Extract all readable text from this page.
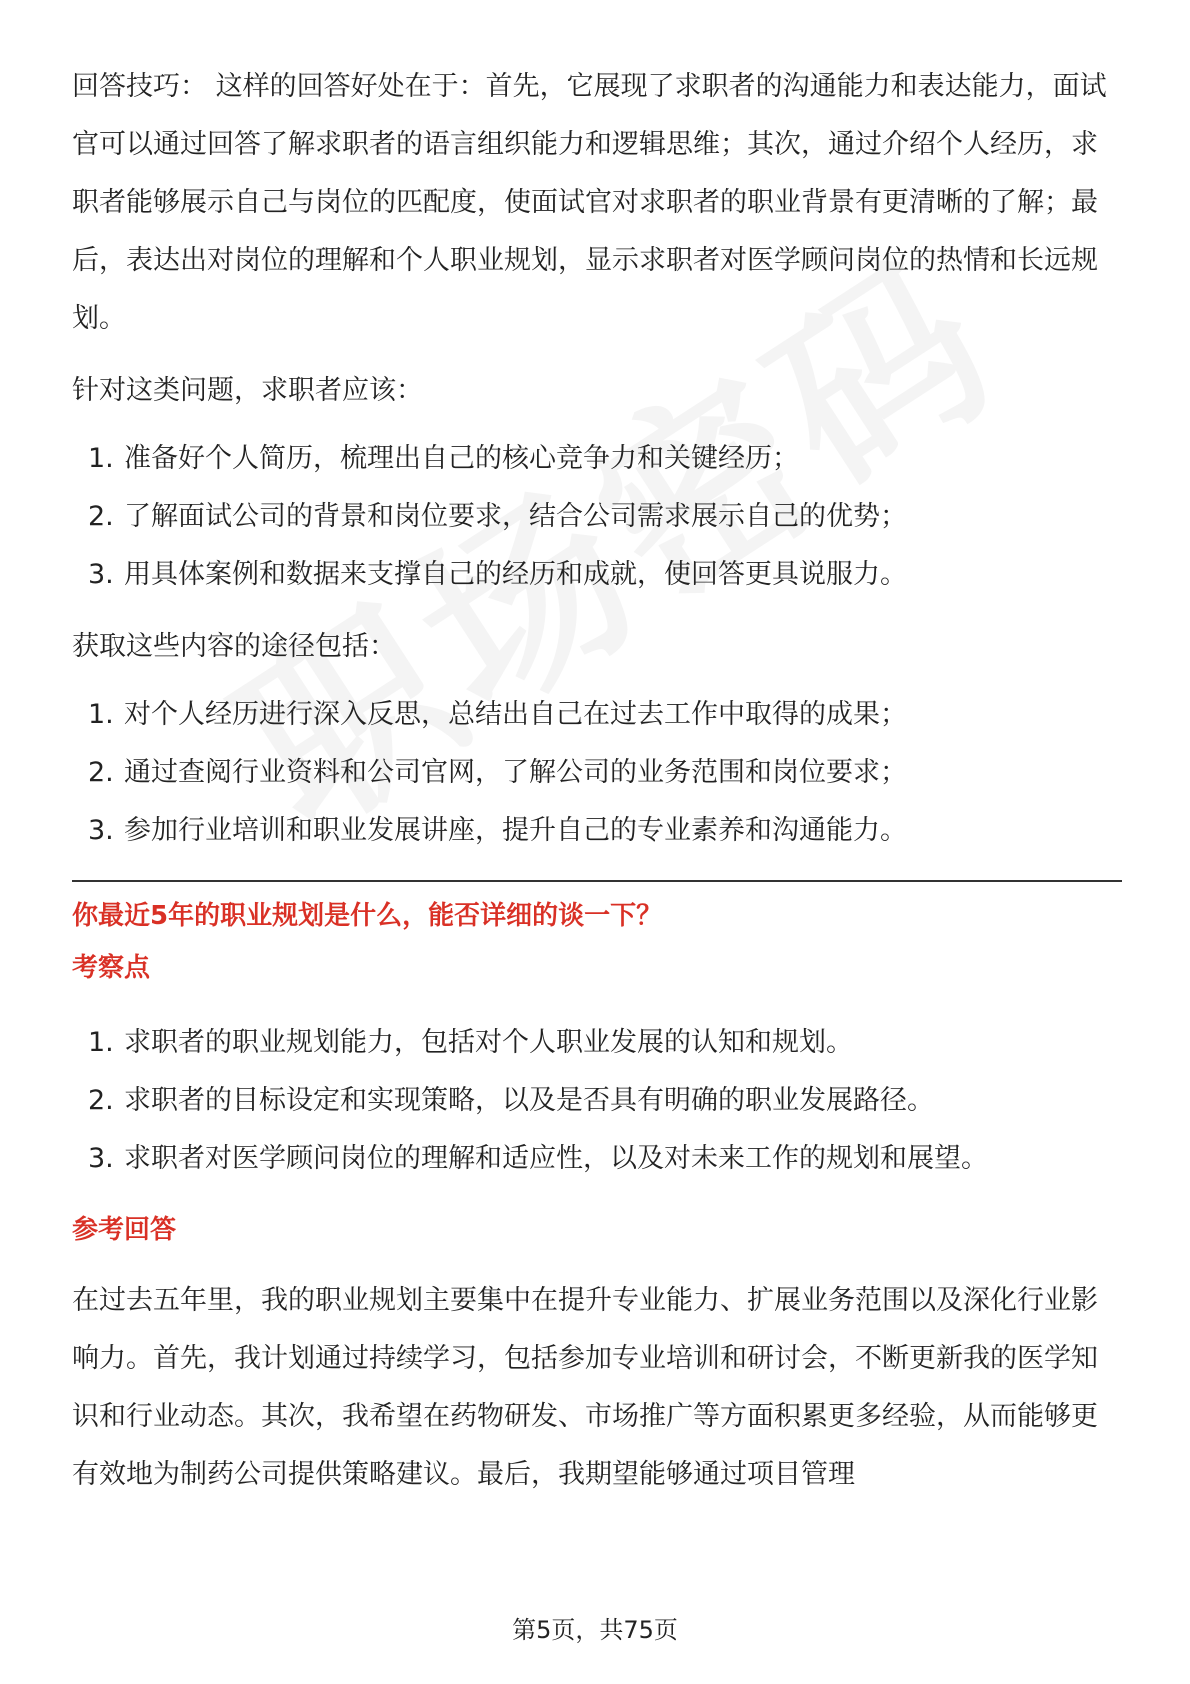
回答技巧： 这样的回答好处在于：首先，它展现了求职者的沟通能力和表达能力，面试官可以通过回答了解求职者的语言组织能力和逻辑思维；其次，通过介绍个人经历，求职者能够展示自己与岗位的匹配度，使面试官对求职者的职业背景有更清晰的了解；最后，表达出对岗位的理解和个人职业规划，显示求职者对医学顾问岗位的热情和长远规划。

针对这类问题，求职者应该：

1. 准备好个人简历，梳理出自己的核心竞争力和关键经历；
2. 了解面试公司的背景和岗位要求，结合公司需求展示自己的优势；
3. 用具体案例和数据来支撑自己的经历和成就，使回答更具说服力。

获取这些内容的途径包括：

1. 对个人经历进行深入反思，总结出自己在过去工作中取得的成果；
2. 通过查阅行业资料和公司官网，了解公司的业务范围和岗位要求；
3. 参加行业培训和职业发展讲座，提升自己的专业素养和沟通能力。

你最近5年的职业规划是什么，能否详细的谈一下？

考察点

1. 求职者的职业规划能力，包括对个人职业发展的认知和规划。
2. 求职者的目标设定和实现策略，以及是否具有明确的职业发展路径。
3. 求职者对医学顾问岗位的理解和适应性，以及对未来工作的规划和展望。

参考回答

在过去五年里，我的职业规划主要集中在提升专业能力、扩展业务范围以及深化行业影响力。首先，我计划通过持续学习，包括参加专业培训和研讨会，不断更新我的医学知识和行业动态。其次，我希望在药物研发、市场推广等方面积累更多经验，从而能够更有效地为制药公司提供策略建议。最后，我期望能够通过项目管理

第5页，共75页
